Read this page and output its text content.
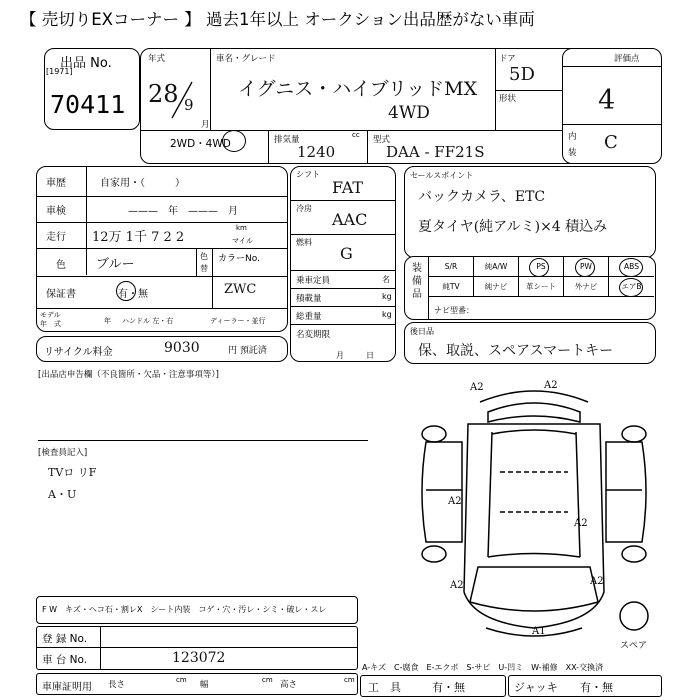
【 売切りEXコーナー 】 過去1年以上 オークション出品歴がない車両
出品 No.
[1971]
70411
年式
28 9
月
車名・グレード
イグニス・ハイブリッドMX
4WD
ドア
5D
形状
2WD・4WD	排気量	cc
1240
型式
DAA - FF21S
評価点
4
内
装 C
車歴	自家用・（　　　）
車検	———　年　———　月
走行 12万 1千 7 2 2
km
マイル
色 ブルー
色
替
カラーNo.
ZWC
保証書	有・無
モデル
年　式	年 ハンドル 左・右	ディーラー・並行
リサイクル料金	9030	円 預託済
シフト
FAT
冷房
AAC
燃料
G
乗車定員	名
積載量	kg
総重量	kg
名変期限
月日
セールスポイント
バックカメラ、ETC
夏タイヤ(純アルミ)×4 積込み
装備品
S/R	純A/W	PS	PW	ABS
純TV	純ナビ	革シート	外ナビ	エアB
ナビ型番：
後日品
保、取説、スペアスマートキー
[出品店申告欄（不良箇所・欠品・注意事項等）]
[検査員記入]
TVロ リF
A・U
A2	A2
A2
A2
A2	A2
A1
スペア
F W　キズ・ヘコ石・割レX　シート内装　コゲ・穴・汚レ・シミ・破レ・スレ
登 録 No.
車 台 No.	123072
車庫証明用 長さ	cm 幅	cm 高さ	cm
A-キズ　C-腐食　E-エクボ　S-サビ　U-凹ミ　W-補修　XX-交換済
工　具	有・無	ジャッキ 有・無
